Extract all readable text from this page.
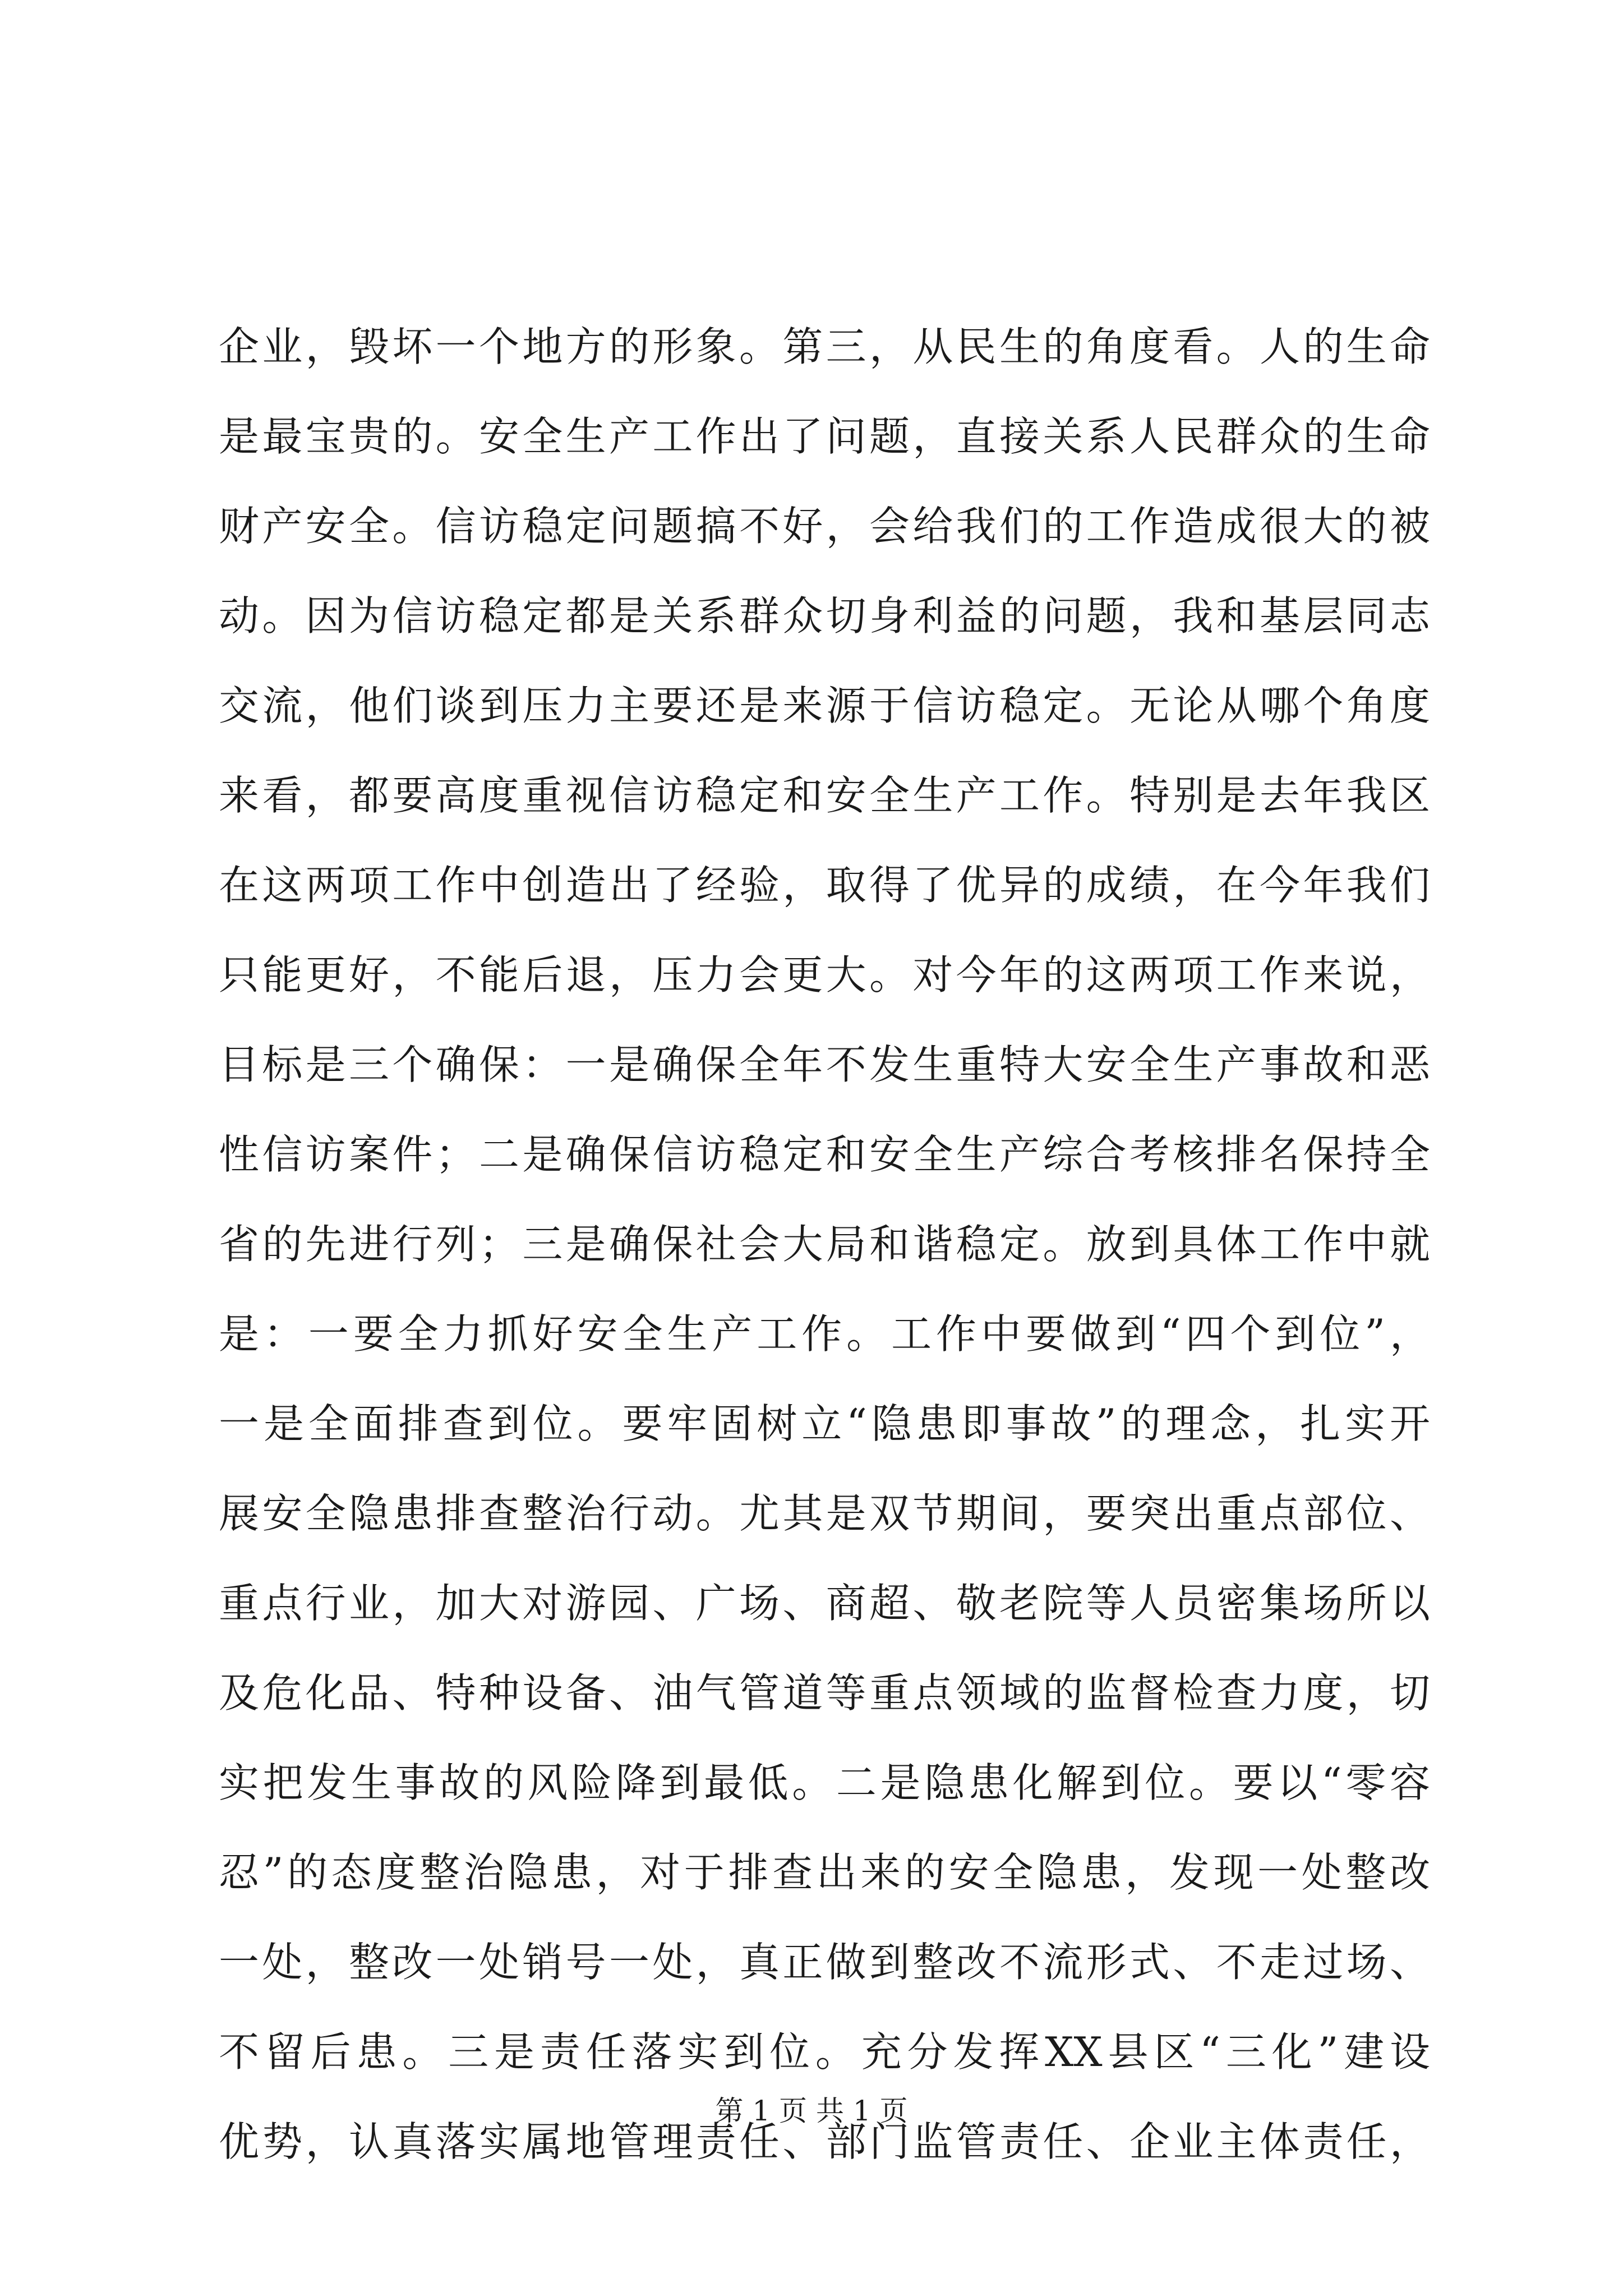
企业，毁坏一个地方的形象。第三，从民生的角度看。人的生命
是最宝贵的。安全生产工作出了问题，直接关系人民群众的生命
财产安全。信访稳定问题搞不好，会给我们的工作造成很大的被
动。因为信访稳定都是关系群众切身利益的问题，我和基层同志
交流，他们谈到压力主要还是来源于信访稳定。无论从哪个角度
来看，都要高度重视信访稳定和安全生产工作。特别是去年我区
在这两项工作中创造出了经验，取得了优异的成绩，在今年我们
只能更好，不能后退，压力会更大。对今年的这两项工作来说，
目标是三个确保：一是确保全年不发生重特大安全生产事故和恶
性信访案件；二是确保信访稳定和安全生产综合考核排名保持全
省的先进行列；三是确保社会大局和谐稳定。放到具体工作中就
是：一要全力抓好安全生产工作。工作中要做到“四个到位”，
一是全面排查到位。要牢固树立“隐患即事故”的理念，扎实开
展安全隐患排查整治行动。尤其是双节期间，要突出重点部位、
重点行业，加大对游园、广场、商超、敬老院等人员密集场所以
及危化品、特种设备、油气管道等重点领域的监督检查力度，切
实把发生事故的风险降到最低。二是隐患化解到位。要以“零容
忍”的态度整治隐患，对于排查出来的安全隐患，发现一处整改
一处，整改一处销号一处，真正做到整改不流形式、不走过场、
不留后患。三是责任落实到位。充分发挥XX县区“三化”建设
优势，认真落实属地管理责任、部门监管责任、企业主体责任，
第 1 页 共 1 页
